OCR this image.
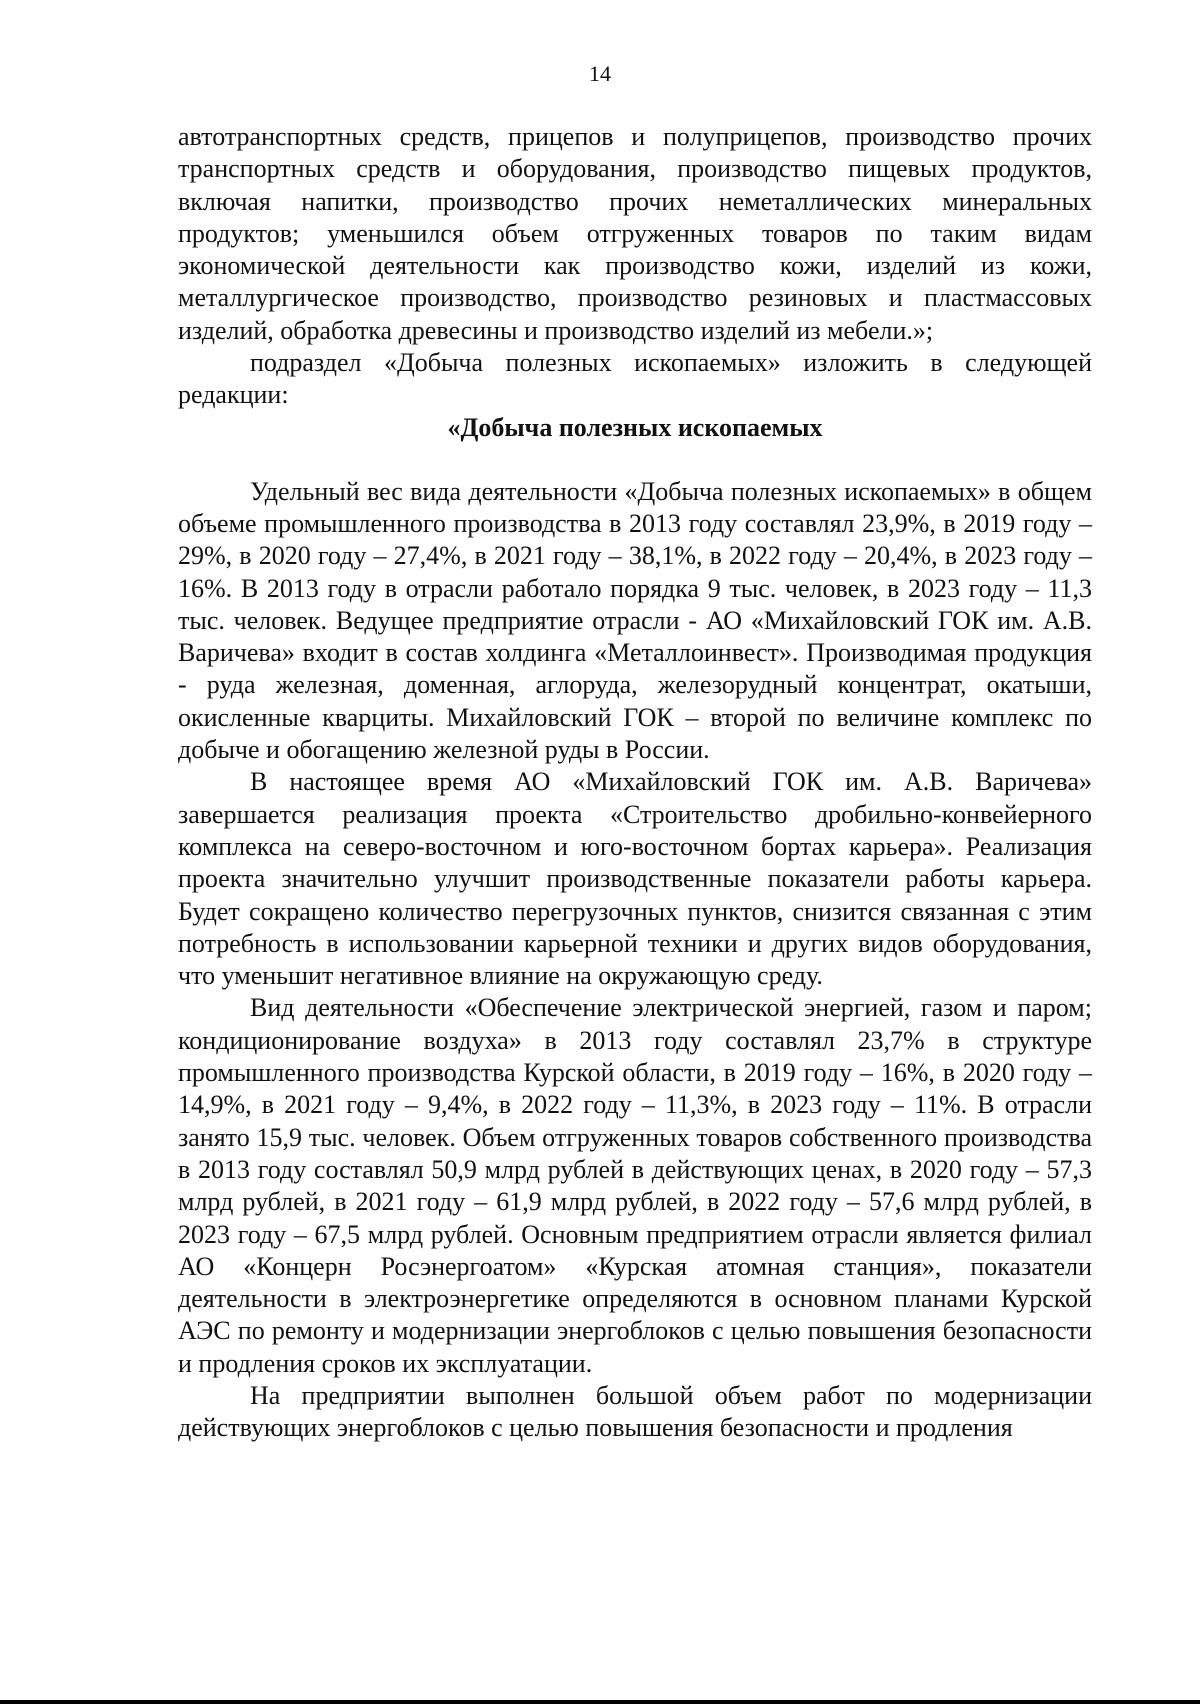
14

автотранспортных средств, прицепов и полуприцепов, производство прочих транспортных средств и оборудования, производство пищевых продуктов, включая напитки, производство прочих неметаллических минеральных продуктов; уменьшился объем отгруженных товаров по таким видам экономической деятельности как производство кожи, изделий из кожи, металлургическое производство, производство резиновых и пластмассовых изделий, обработка древесины и производство изделий из мебели.»;

подраздел «Добыча полезных ископаемых» изложить в следующей редакции:

«Добыча полезных ископаемых

Удельный вес вида деятельности «Добыча полезных ископаемых» в общем объеме промышленного производства в 2013 году составлял 23,9%, в 2019 году – 29%, в 2020 году – 27,4%, в 2021 году – 38,1%, в 2022 году – 20,4%, в 2023 году – 16%. В 2013 году в отрасли работало порядка 9 тыс. человек, в 2023 году – 11,3 тыс. человек. Ведущее предприятие отрасли - АО «Михайловский ГОК им. А.В. Варичева» входит в состав холдинга «Металлоинвест». Производимая продукция - руда железная, доменная, аглоруда, железорудный концентрат, окатыши, окисленные кварциты. Михайловский ГОК – второй по величине комплекс по добыче и обогащению железной руды в России.

В настоящее время АО «Михайловский ГОК им. А.В. Варичева» завершается реализация проекта «Строительство дробильно-конвейерного комплекса на северо-восточном и юго-восточном бортах карьера». Реализация проекта значительно улучшит производственные показатели работы карьера. Будет сокращено количество перегрузочных пунктов, снизится связанная с этим потребность в использовании карьерной техники и других видов оборудования, что уменьшит негативное влияние на окружающую среду.

Вид деятельности «Обеспечение электрической энергией, газом и паром; кондиционирование воздуха» в 2013 году составлял 23,7% в структуре промышленного производства Курской области, в 2019 году – 16%, в 2020 году – 14,9%, в 2021 году – 9,4%, в 2022 году – 11,3%, в 2023 году – 11%. В отрасли занято 15,9 тыс. человек. Объем отгруженных товаров собственного производства в 2013 году составлял 50,9 млрд рублей в действующих ценах, в 2020 году – 57,3 млрд рублей, в 2021 году – 61,9 млрд рублей, в 2022 году – 57,6 млрд рублей, в 2023 году – 67,5 млрд рублей. Основным предприятием отрасли является филиал АО «Концерн Росэнергоатом» «Курская атомная станция», показатели деятельности в электроэнергетике определяются в основном планами Курской АЭС по ремонту и модернизации энергоблоков с целью повышения безопасности и продления сроков их эксплуатации.

На предприятии выполнен большой объем работ по модернизации действующих энергоблоков с целью повышения безопасности и продления
